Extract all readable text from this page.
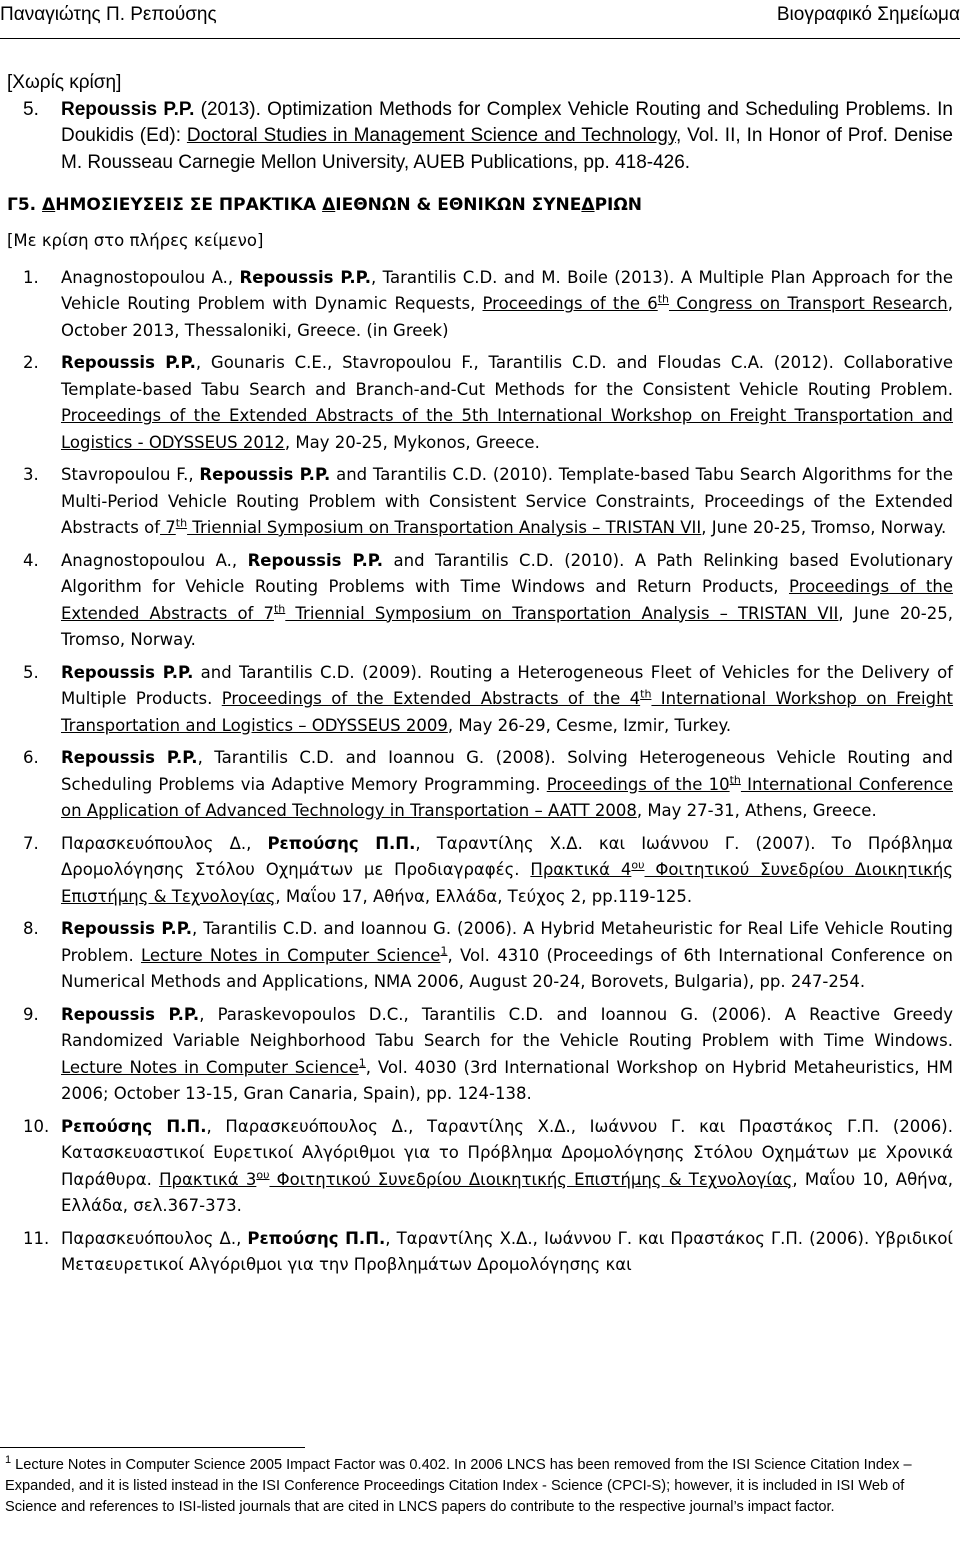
Παναγιώτης Π. Ρεπούσης	Βιογραφικό Σημείωμα
[Χωρίς κρίση]
5. Repoussis P.P. (2013). Optimization Methods for Complex Vehicle Routing and Scheduling Problems. In Doukidis (Ed): Doctoral Studies in Management Science and Technology, Vol. II, In Honor of Prof. Denise M. Rousseau Carnegie Mellon University, AUEB Publications, pp. 418-426.

Γ5. ΔΗΜΟΣΙΕΥΣΕΙΣ ΣΕ ΠΡΑΚΤΙΚΑ ΔΙΕΘΝΩΝ & ΕΘΝΙΚΩΝ ΣΥΝΕΔΡΙΩΝ

[Με κρίση στο πλήρες κείμενο]
1. Anagnostopoulou A., Repoussis P.P., Tarantilis C.D. and M. Boile (2013). A Multiple Plan Approach for the Vehicle Routing Problem with Dynamic Requests, Proceedings of the 6th Congress on Transport Research, October 2013, Thessaloniki, Greece. (in Greek)
2. Repoussis P.P., Gounaris C.E., Stavropoulou F., Tarantilis C.D. and Floudas C.A. (2012). Collaborative Template-based Tabu Search and Branch-and-Cut Methods for the Consistent Vehicle Routing Problem. Proceedings of the Extended Abstracts of the 5th International Workshop on Freight Transportation and Logistics - ODYSSEUS 2012, May 20-25, Mykonos, Greece.
3. Stavropoulou F., Repoussis P.P. and Tarantilis C.D. (2010). Template-based Tabu Search Algorithms for the Multi-Period Vehicle Routing Problem with Consistent Service Constraints, Proceedings of the Extended Abstracts of 7th Triennial Symposium on Transportation Analysis – TRISTAN VII, June 20-25, Tromso, Norway.
4. Anagnostopoulou A., Repoussis P.P. and Tarantilis C.D. (2010). A Path Relinking based Evolutionary Algorithm for Vehicle Routing Problems with Time Windows and Return Products, Proceedings of the Extended Abstracts of 7th Triennial Symposium on Transportation Analysis – TRISTAN VII, June 20-25, Tromso, Norway.
5. Repoussis P.P. and Tarantilis C.D. (2009). Routing a Heterogeneous Fleet of Vehicles for the Delivery of Multiple Products. Proceedings of the Extended Abstracts of the 4th International Workshop on Freight Transportation and Logistics – ODYSSEUS 2009, May 26-29, Cesme, Izmir, Turkey.
6. Repoussis P.P., Tarantilis C.D. and Ioannou G. (2008). Solving Heterogeneous Vehicle Routing and Scheduling Problems via Adaptive Memory Programming. Proceedings of the 10th International Conference on Application of Advanced Technology in Transportation – AATT 2008, May 27-31, Athens, Greece.
7. Παρασκευόπουλος Δ., Ρεπούσης Π.Π., Ταραντίλης Χ.Δ. και Ιωάννου Γ. (2007). Το Πρόβλημα Δρομολόγησης Στόλου Οχημάτων με Προδιαγραφές. Πρακτικά $4^{o\upsilon}$ Φοιτητικού Συνεδρίου Διοικητικής Επιστήμης & Τεχνολογίας, Μαΐου 17, Αθήνα, Ελλάδα, Τεύχος 2, pp.119-125.
8. Repoussis P.P., Tarantilis C.D. and Ioannou G. (2006). A Hybrid Metaheuristic for Real Life Vehicle Routing Problem. Lecture Notes in Computer Science$^1$, Vol. 4310 (Proceedings of 6th International Conference on Numerical Methods and Applications, NMA 2006, August 20-24, Borovets, Bulgaria), pp. 247-254.
9. Repoussis P.P., Paraskevopoulos D.C., Tarantilis C.D. and Ioannou G. (2006). A Reactive Greedy Randomized Variable Neighborhood Tabu Search for the Vehicle Routing Problem with Time Windows. Lecture Notes in Computer Science$^1$, Vol. 4030 (3rd International Workshop on Hybrid Metaheuristics, HM 2006; October 13-15, Gran Canaria, Spain), pp. 124-138.
10. Ρεπούσης Π.Π., Παρασκευόπουλος Δ., Ταραντίλης Χ.Δ., Ιωάννου Γ. και Πραστάκος Γ.Π. (2006). Κατασκευαστικοί Ευρετικοί Αλγόριθμοι για το Πρόβλημα Δρομολόγησης Στόλου Οχημάτων με Χρονικά Παράθυρα. Πρακτικά $3^{o\upsilon}$ Φοιτητικού Συνεδρίου Διοικητικής Επιστήμης & Τεχνολογίας, Μαΐου 10, Αθήνα, Ελλάδα, σελ.367-373.
11. Παρασκευόπουλος Δ., Ρεπούσης Π.Π., Ταραντίλης Χ.Δ., Ιωάννου Γ. και Πραστάκος Γ.Π. (2006). Υβριδικοί Μεταευρετικοί Αλγόριθμοι για την Προβλημάτων Δρομολόγησης και
$^1$ Lecture Notes in Computer Science 2005 Impact Factor was 0.402. In 2006 LNCS has been removed from the ISI Science Citation Index – Expanded, and it is listed instead in the ISI Conference Proceedings Citation Index - Science (CPCI-S); however, it is included in ISI Web of Science and references to ISI-listed journals that are cited in LNCS papers do contribute to the respective journal’s impact factor.
